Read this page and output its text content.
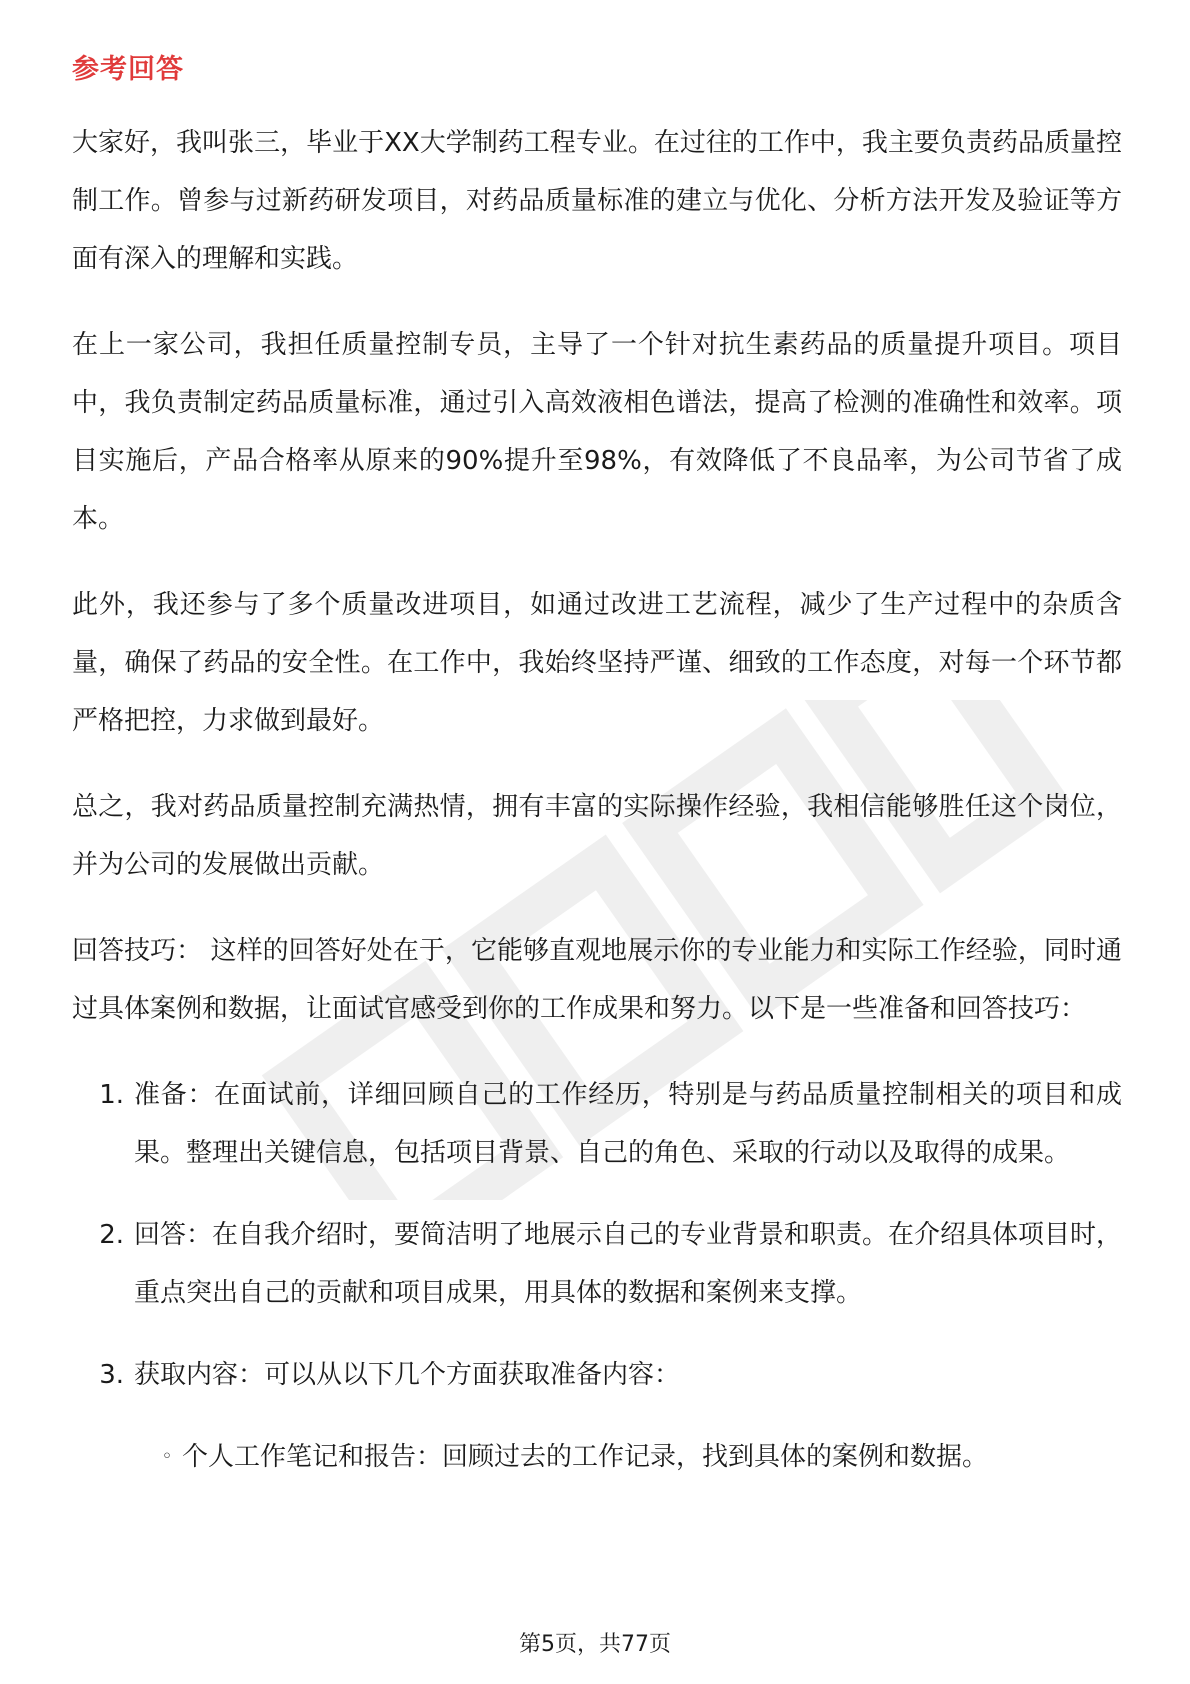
参考回答

大家好，我叫张三，毕业于XX大学制药工程专业。在过往的工作中，我主要负责药品质量控制工作。曾参与过新药研发项目，对药品质量标准的建立与优化、分析方法开发及验证等方面有深入的理解和实践。

在上一家公司，我担任质量控制专员，主导了一个针对抗生素药品的质量提升项目。项目中，我负责制定药品质量标准，通过引入高效液相色谱法，提高了检测的准确性和效率。项目实施后，产品合格率从原来的90%提升至98%，有效降低了不良品率，为公司节省了成本。

此外，我还参与了多个质量改进项目，如通过改进工艺流程，减少了生产过程中的杂质含量，确保了药品的安全性。在工作中，我始终坚持严谨、细致的工作态度，对每一个环节都严格把控，力求做到最好。

总之，我对药品质量控制充满热情，拥有丰富的实际操作经验，我相信能够胜任这个岗位，并为公司的发展做出贡献。

回答技巧： 这样的回答好处在于，它能够直观地展示你的专业能力和实际工作经验，同时通过具体案例和数据，让面试官感受到你的工作成果和努力。以下是一些准备和回答技巧：

1. 准备：在面试前，详细回顾自己的工作经历，特别是与药品质量控制相关的项目和成果。整理出关键信息，包括项目背景、自己的角色、采取的行动以及取得的成果。
2. 回答：在自我介绍时，要简洁明了地展示自己的专业背景和职责。在介绍具体项目时，重点突出自己的贡献和项目成果，用具体的数据和案例来支撑。
3. 获取内容：可以从以下几个方面获取准备内容：
◦ 个人工作笔记和报告：回顾过去的工作记录，找到具体的案例和数据。
第5页，共77页
